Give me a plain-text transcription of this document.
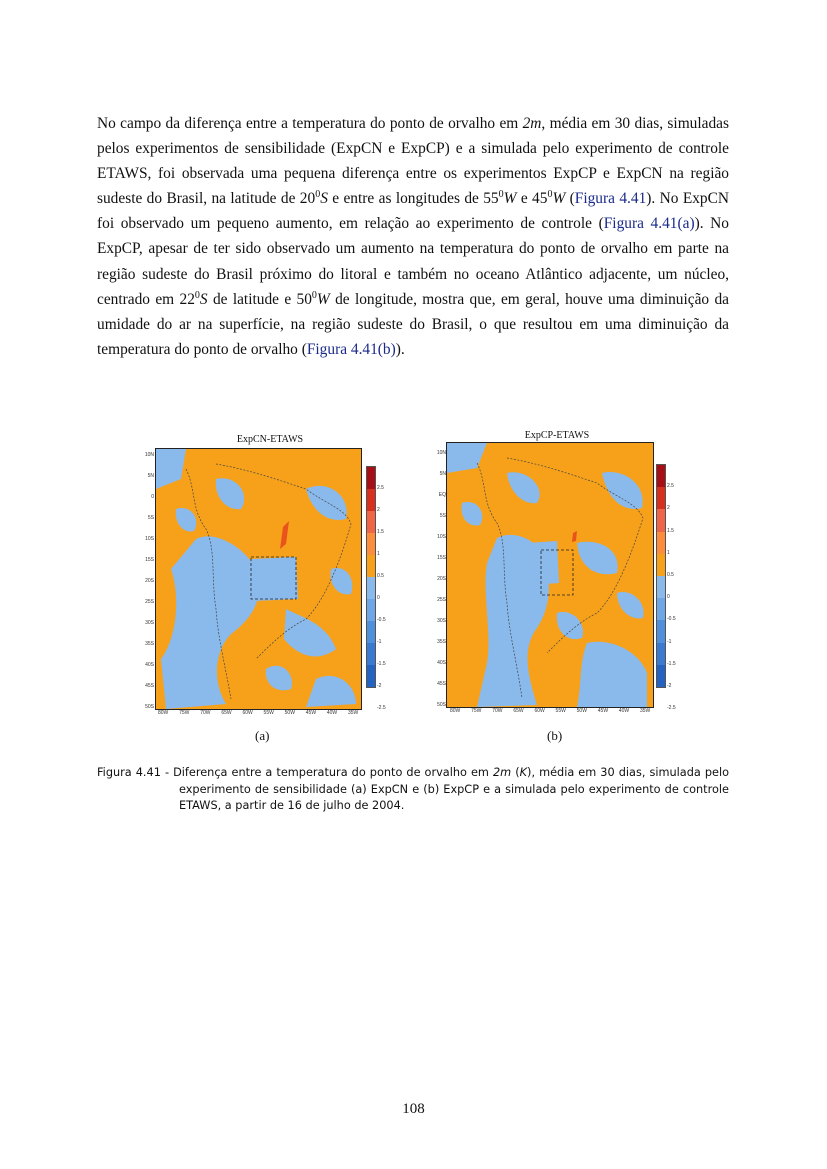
No campo da diferença entre a temperatura do ponto de orvalho em 2m, média em 30 dias, simuladas pelos experimentos de sensibilidade (ExpCN e ExpCP) e a simulada pelo experimento de controle ETAWS, foi observada uma pequena diferença entre os experimentos ExpCP e ExpCN na região sudeste do Brasil, na latitude de $20^0S$ e entre as longitudes de $55^0W$ e $45^0W$ (Figura 4.41). No ExpCN foi observado um pequeno aumento, em relação ao experimento de controle (Figura 4.41(a)). No ExpCP, apesar de ter sido observado um aumento na temperatura do ponto de orvalho em parte na região sudeste do Brasil próximo do litoral e também no oceano Atlântico adjacente, um núcleo, centrado em $22^0S$ de latitude e $50^0W$ de longitude, mostra que, em geral, houve uma diminuição da umidade do ar na superfície, na região sudeste do Brasil, o que resultou em uma diminuição da temperatura do ponto de orvalho (Figura 4.41(b)).
ExpCN-ETAWS
10N
5N
0
5S
10S
15S
20S
25S
30S
35S
40S
45S
50S
80W 75W 70W 65W 60W 55W 50W 45W 40W 35W
2.5
2
1.5
1
0.5
0
-0.5
-1
-1.5
-2
-2.5
(a)
ExpCP-ETAWS
10N
5N
EQ
5S
10S
15S
20S
25S
30S
35S
40S
45S
50S
80W 75W 70W 65W 60W 55W 50W 45W 40W 35W
2.5
2
1.5
1
0.5
0
-0.5
-1
-1.5
-2
-2.5
(b)
Figura 4.41 - Diferença entre a temperatura do ponto de orvalho em 2m (K), média em 30 dias, simulada pelo experimento de sensibilidade (a) ExpCN e (b) ExpCP e a simulada pelo experimento de controle ETAWS, a partir de 16 de julho de 2004.
108
